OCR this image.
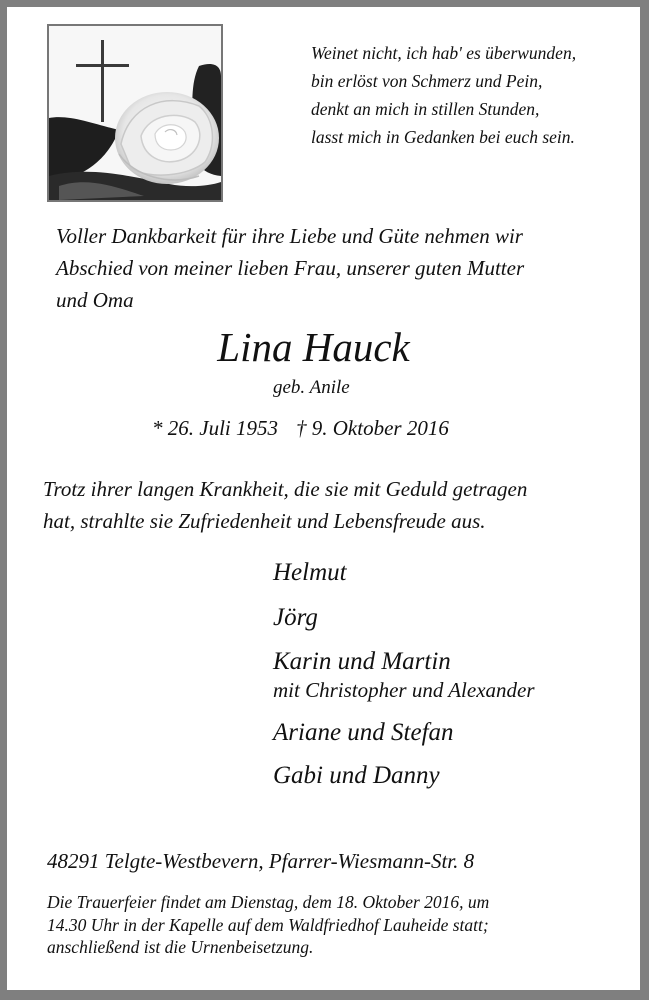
Weinet nicht, ich hab' es überwunden,
bin erlöst von Schmerz und Pein,
denkt an mich in stillen Stunden,
lasst mich in Gedanken bei euch sein.
Voller Dankbarkeit für ihre Liebe und Güte nehmen wir
Abschied von meiner lieben Frau, unserer guten Mutter
und Oma
Lina Hauck
geb. Anile
* 26. Juli 1953 † 9. Oktober 2016
Trotz ihrer langen Krankheit, die sie mit Geduld getragen
hat, strahlte sie Zufriedenheit und Lebensfreude aus.
Helmut
Jörg
Karin und Martin
mit Christopher und Alexander
Ariane und Stefan
Gabi und Danny
48291 Telgte-Westbevern, Pfarrer-Wiesmann-Str. 8
Die Trauerfeier findet am Dienstag, dem 18. Oktober 2016, um
14.30 Uhr in der Kapelle auf dem Waldfriedhof Lauheide statt;
anschließend ist die Urnenbeisetzung.
